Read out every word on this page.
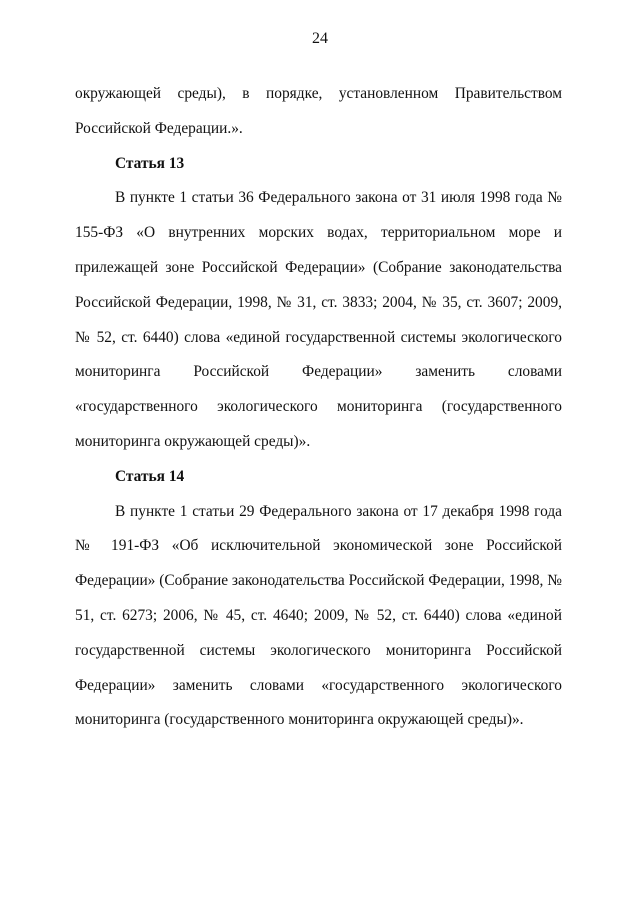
24

окружающей среды), в порядке, установленном Правительством Российской Федерации.».

Статья 13

В пункте 1 статьи 36 Федерального закона от 31 июля 1998 года № 155-ФЗ «О внутренних морских водах, территориальном море и прилежащей зоне Российской Федерации» (Собрание законодательства Российской Федерации, 1998, № 31, ст. 3833; 2004, № 35, ст. 3607; 2009, № 52, ст. 6440) слова «единой государственной системы экологического мониторинга Российской Федерации» заменить словами «государственного экологического мониторинга (государственного мониторинга окружающей среды)».

Статья 14

В пункте 1 статьи 29 Федерального закона от 17 декабря 1998 года № 191-ФЗ «Об исключительной экономической зоне Российской Федерации» (Собрание законодательства Российской Федерации, 1998, № 51, ст. 6273; 2006, № 45, ст. 4640; 2009, № 52, ст. 6440) слова «единой государственной системы экологического мониторинга Российской Федерации» заменить словами «государственного экологического мониторинга (государственного мониторинга окружающей среды)».
